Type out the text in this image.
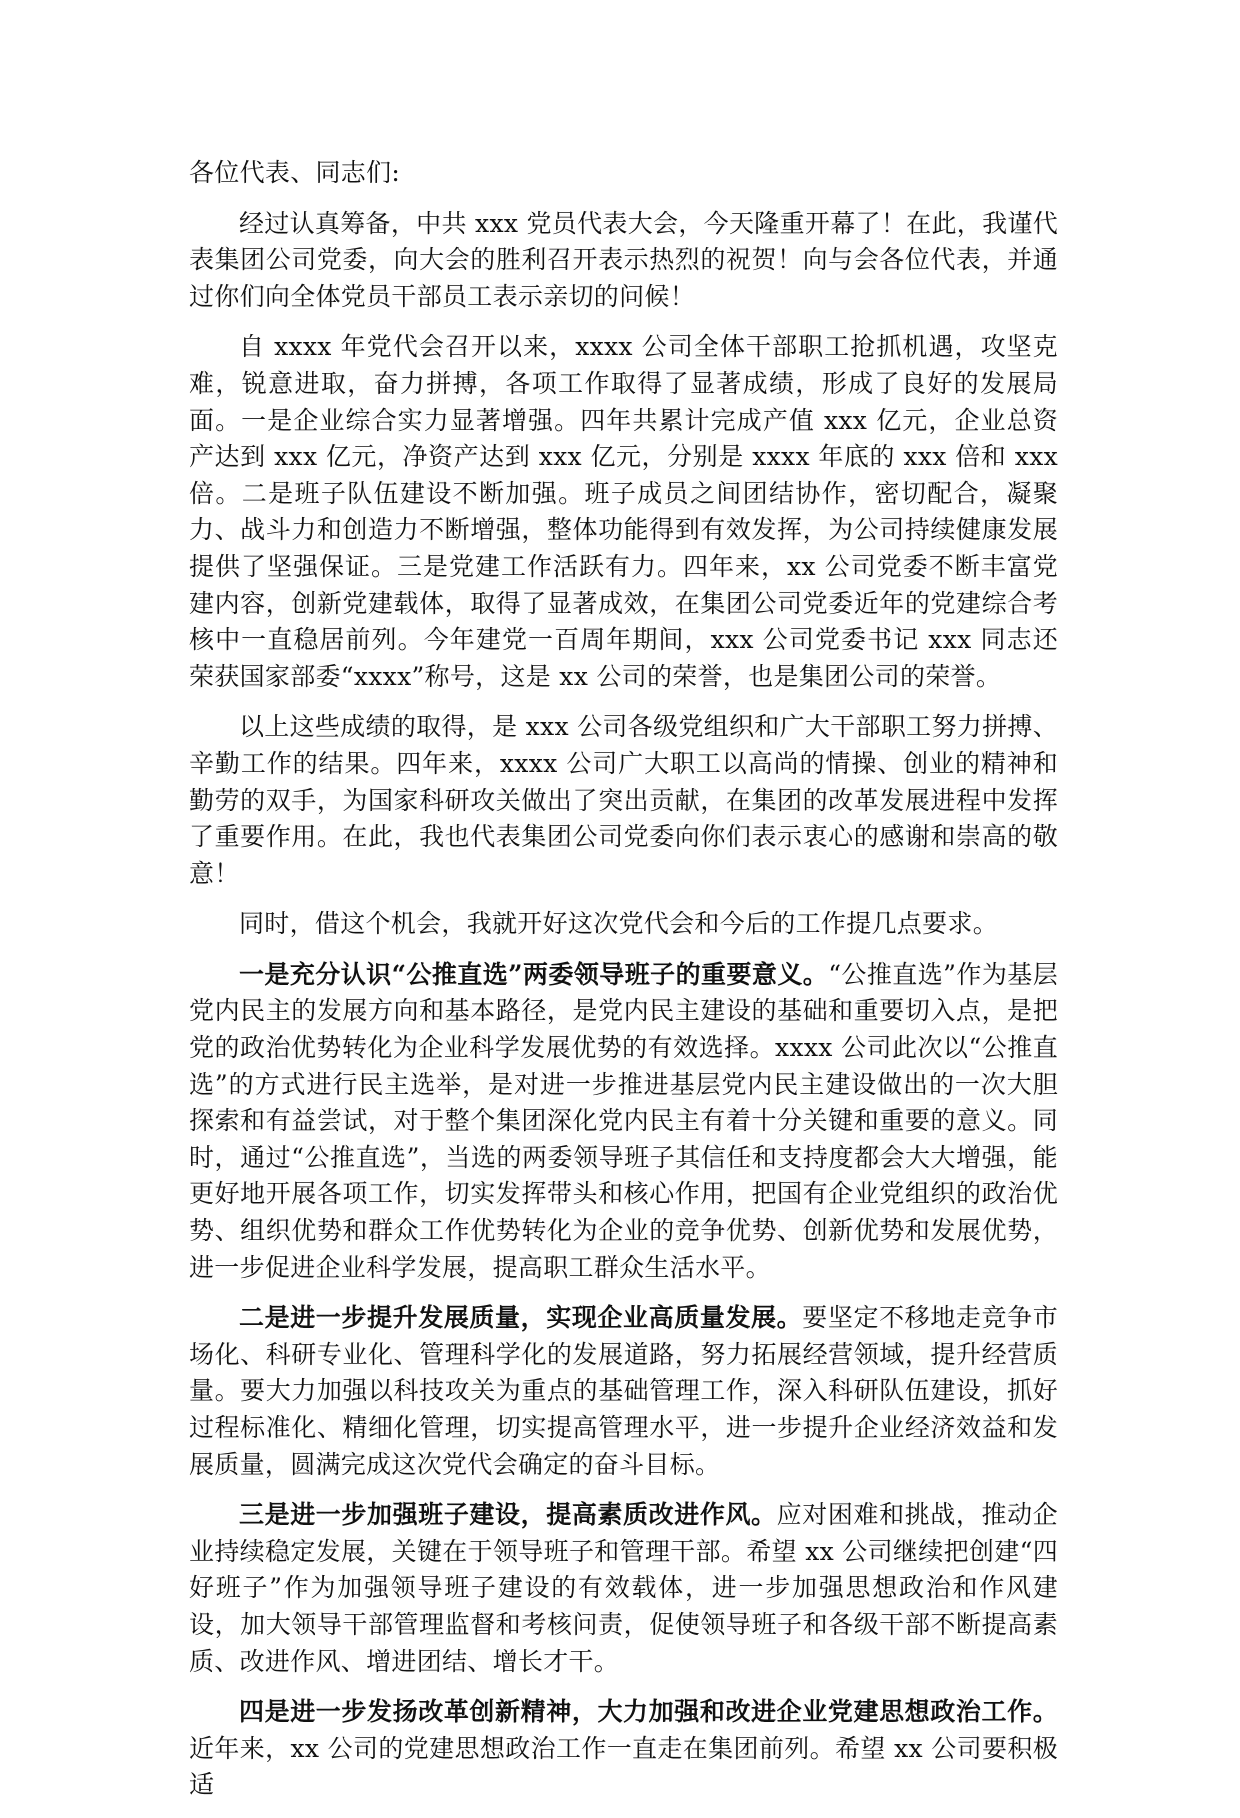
各位代表、同志们:

经过认真筹备，中共 xxx 党员代表大会，今天隆重开幕了！在此，我谨代表集团公司党委，向大会的胜利召开表示热烈的祝贺！向与会各位代表，并通过你们向全体党员干部员工表示亲切的问候！

自 xxxx 年党代会召开以来，xxxx 公司全体干部职工抢抓机遇，攻坚克难，锐意进取，奋力拼搏，各项工作取得了显著成绩，形成了良好的发展局面。一是企业综合实力显著增强。四年共累计完成产值 xxx 亿元，企业总资产达到 xxx 亿元，净资产达到 xxx 亿元，分别是 xxxx 年底的 xxx 倍和 xxx 倍。二是班子队伍建设不断加强。班子成员之间团结协作，密切配合，凝聚力、战斗力和创造力不断增强，整体功能得到有效发挥，为公司持续健康发展提供了坚强保证。三是党建工作活跃有力。四年来，xx 公司党委不断丰富党建内容，创新党建载体，取得了显著成效，在集团公司党委近年的党建综合考核中一直稳居前列。今年建党一百周年期间，xxx 公司党委书记 xxx 同志还荣获国家部委“xxxx”称号，这是 xx 公司的荣誉，也是集团公司的荣誉。

以上这些成绩的取得，是 xxx 公司各级党组织和广大干部职工努力拼搏、辛勤工作的结果。四年来，xxxx 公司广大职工以高尚的情操、创业的精神和勤劳的双手，为国家科研攻关做出了突出贡献，在集团的改革发展进程中发挥了重要作用。在此，我也代表集团公司党委向你们表示衷心的感谢和崇高的敬意！

同时，借这个机会，我就开好这次党代会和今后的工作提几点要求。

一是充分认识“公推直选”两委领导班子的重要意义。“公推直选”作为基层党内民主的发展方向和基本路径，是党内民主建设的基础和重要切入点，是把党的政治优势转化为企业科学发展优势的有效选择。xxxx 公司此次以“公推直选”的方式进行民主选举，是对进一步推进基层党内民主建设做出的一次大胆探索和有益尝试，对于整个集团深化党内民主有着十分关键和重要的意义。同时，通过“公推直选”，当选的两委领导班子其信任和支持度都会大大增强，能更好地开展各项工作，切实发挥带头和核心作用，把国有企业党组织的政治优势、组织优势和群众工作优势转化为企业的竞争优势、创新优势和发展优势，进一步促进企业科学发展，提高职工群众生活水平。

二是进一步提升发展质量，实现企业高质量发展。要坚定不移地走竞争市场化、科研专业化、管理科学化的发展道路，努力拓展经营领域，提升经营质量。要大力加强以科技攻关为重点的基础管理工作，深入科研队伍建设，抓好过程标准化、精细化管理，切实提高管理水平，进一步提升企业经济效益和发展质量，圆满完成这次党代会确定的奋斗目标。

三是进一步加强班子建设，提高素质改进作风。应对困难和挑战，推动企业持续稳定发展，关键在于领导班子和管理干部。希望 xx 公司继续把创建“四好班子”作为加强领导班子建设的有效载体，进一步加强思想政治和作风建设，加大领导干部管理监督和考核问责，促使领导班子和各级干部不断提高素质、改进作风、增进团结、增长才干。

四是进一步发扬改革创新精神，大力加强和改进企业党建思想政治工作。近年来，xx 公司的党建思想政治工作一直走在集团前列。希望 xx 公司要积极适
